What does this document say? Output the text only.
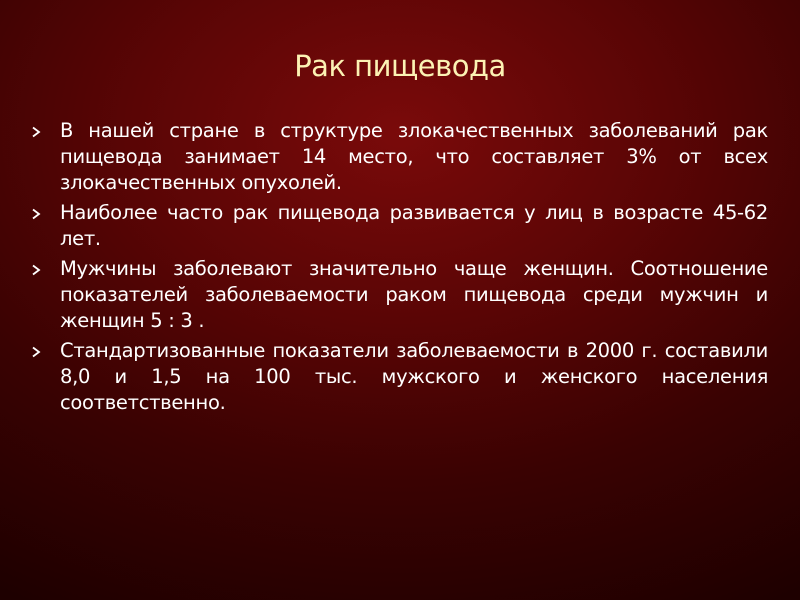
Рак пищевода
В нашей стране в структуре злокачественных заболеваний рак пищевода занимает 14 место, что составляет 3% от всех злокачественных опухолей.
Наиболее часто рак пищевода развивается у лиц в возрасте 45-62 лет.
Мужчины заболевают значительно чаще женщин. Соотношение показателей заболеваемости раком пищевода среди мужчин и женщин 5 : 3 .
Стандартизованные показатели заболеваемости в 2000 г. составили 8,0 и 1,5 на 100 тыс. мужского и женского населения соответственно.
